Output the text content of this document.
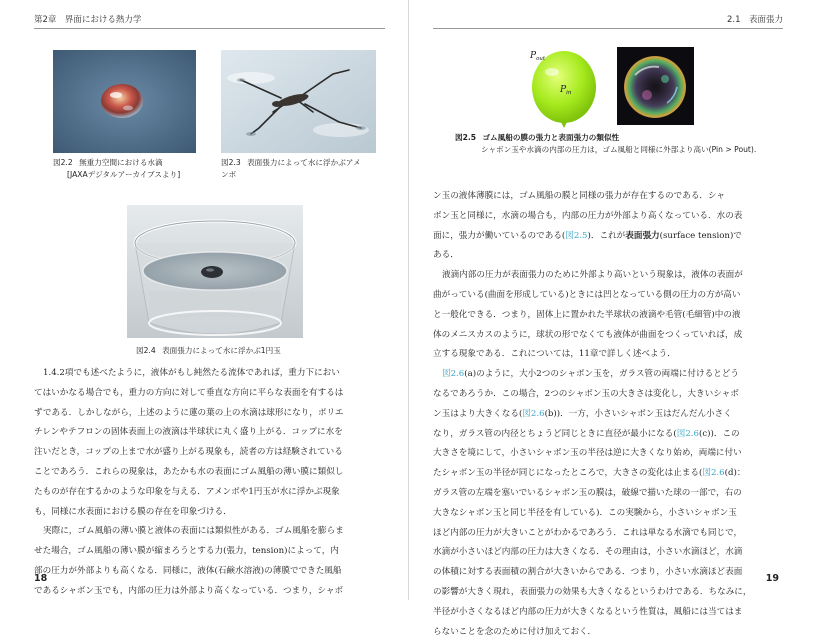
第2章　界面における熱力学
図2.2 無重力空間における水滴
[JAXAデジタルアーカイブスより]
図2.3 表面張力によって水に浮かぶアメ
ンボ
図2.4 表面張力によって水に浮かぶ1円玉
1.4.2項でも述べたように，液体がもし純然たる流体であれば，重力下におい
てはいかなる場合でも，重力の方向に対して垂直な方向に平らな表面を有するは
ずである．しかしながら，上述のように蓮の葉の上の水滴は球形になり，ポリエ
チレンやテフロンの固体表面上の液滴は半球状に丸く盛り上がる．コップに水を
注いだとき，コップの上まで水が盛り上がる現象も，読者の方は経験されている
ことであろう．これらの現象は，あたかも水の表面にゴム風船の薄い膜に類似し
たものが存在するかのような印象を与える．アメンボや1円玉が水に浮かぶ現象
も，同様に水表面における膜の存在を印象づける．
実際に，ゴム風船の薄い膜と液体の表面には類似性がある．ゴム風船を膨らま
せた場合，ゴム風船の薄い膜が縮まろうとする力(張力，tension)によって，内
部の圧力が外部よりも高くなる．同様に，液体(石鹸水溶液)の薄膜でできた風船
であるシャボン玉でも，内部の圧力は外部より高くなっている．つまり，シャボ
18
2.1　表面張力
$P_{out}$
$P_{in}$
図2.5 ゴム風船の膜の張力と表面張力の類似性
シャボン玉や水滴の内部の圧力は，ゴム風船と同様に外部より高い(Pin > Pout).
ン玉の液体薄膜には，ゴム風船の膜と同様の張力が存在するのである．シャ
ボン玉と同様に，水滴の場合も，内部の圧力が外部より高くなっている．水の表
面に，張力が働いているのである(図2.5)．これが表面張力(surface tension)で
ある．
液滴内部の圧力が表面張力のために外部より高いという現象は，液体の表面が
曲がっている(曲面を形成している)ときには凹となっている側の圧力の方が高い
と一般化できる．つまり，固体上に置かれた半球状の液滴や毛管(毛細管)中の液
体のメニスカスのように，球状の形でなくても液体が曲面をつくっていれば，成
立する現象である．これについては，11章で詳しく述べよう．
図2.6(a)のように，大小2つのシャボン玉を，ガラス管の両端に付けるとどう
なるであろうか．この場合，2つのシャボン玉の大きさは変化し，大きいシャボ
ン玉はより大きくなる(図2.6(b))．一方，小さいシャボン玉はだんだん小さく
なり，ガラス管の内径とちょうど同じときに直径が最小になる(図2.6(c))．この
大きさを境にして，小さいシャボン玉の半径は逆に大きくなり始め，両端に付い
たシャボン玉の半径が同じになったところで，大きさの変化は止まる(図2.6(d)：
ガラス管の左端を塞いでいるシャボン玉の膜は，破線で描いた球の一部で，右の
大きなシャボン玉と同じ半径を有している)．この実験から，小さいシャボン玉
ほど内部の圧力が大きいことがわかるであろう．これは単なる水滴でも同じで，
水滴が小さいほど内部の圧力は大きくなる．その理由は，小さい水滴ほど，水滴
の体積に対する表面積の割合が大きいからである．つまり，小さい水滴ほど表面
の影響が大きく現れ，表面張力の効果も大きくなるというわけである．ちなみに，
半径が小さくなるほど内部の圧力が大きくなるという性質は，風船には当てはま
らないことを念のために付け加えておく．
19
